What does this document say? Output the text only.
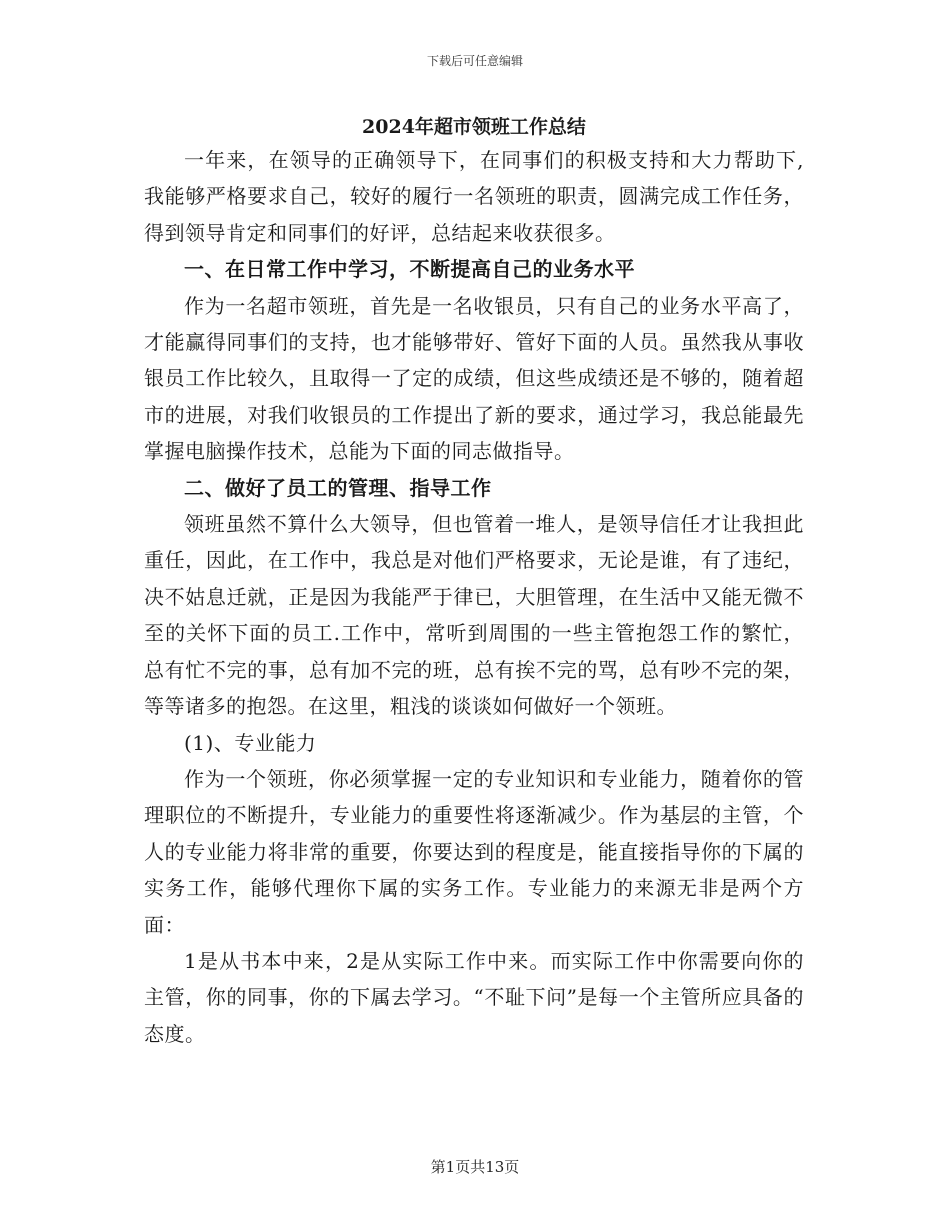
下载后可任意编辑
2024年超市领班工作总结

一年来，在领导的正确领导下，在同事们的积极支持和大力帮助下,我能够严格要求自己，较好的履行一名领班的职责，圆满完成工作任务，得到领导肯定和同事们的好评，总结起来收获很多。

一、在日常工作中学习，不断提高自己的业务水平

作为一名超市领班，首先是一名收银员，只有自己的业务水平高了，才能赢得同事们的支持，也才能够带好、管好下面的人员。虽然我从事收银员工作比较久，且取得一了定的成绩，但这些成绩还是不够的，随着超市的进展，对我们收银员的工作提出了新的要求，通过学习，我总能最先掌握电脑操作技术，总能为下面的同志做指导。

二、做好了员工的管理、指导工作

领班虽然不算什么大领导，但也管着一堆人，是领导信任才让我担此重任，因此，在工作中，我总是对他们严格要求，无论是谁，有了违纪，决不姑息迁就，正是因为我能严于律已，大胆管理，在生活中又能无微不至的关怀下面的员工.工作中，常听到周围的一些主管抱怨工作的繁忙，总有忙不完的事，总有加不完的班，总有挨不完的骂，总有吵不完的架，等等诸多的抱怨。在这里，粗浅的谈谈如何做好一个领班。

(1)、专业能力

作为一个领班，你必须掌握一定的专业知识和专业能力，随着你的管理职位的不断提升，专业能力的重要性将逐渐减少。作为基层的主管，个人的专业能力将非常的重要，你要达到的程度是，能直接指导你的下属的实务工作，能够代理你下属的实务工作。专业能力的来源无非是两个方面：

1是从书本中来，2是从实际工作中来。而实际工作中你需要向你的主管，你的同事，你的下属去学习。“不耻下问”是每一个主管所应具备的态度。

第1页共13页
